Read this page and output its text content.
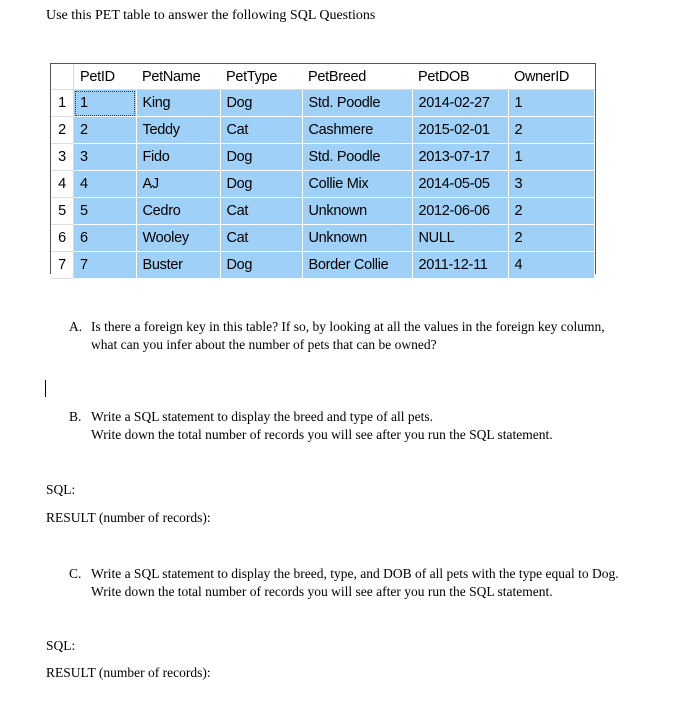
Use this PET table to answer the following SQL Questions
	PetID	PetName	PetType	PetBreed	PetDOB	OwnerID
1	1	King	Dog	Std. Poodle	2014-02-27	1
2	2	Teddy	Cat	Cashmere	2015-02-01	2
3	3	Fido	Dog	Std. Poodle	2013-07-17	1
4	4	AJ	Dog	Collie Mix	2014-05-05	3
5	5	Cedro	Cat	Unknown	2012-06-06	2
6	6	Wooley	Cat	Unknown	NULL	2
7	7	Buster	Dog	Border Collie	2011-12-11	4
A. Is there a foreign key in this table? If so, by looking at all the values in the foreign key column,
what can you infer about the number of pets that can be owned?
B. Write a SQL statement to display the breed and type of all pets.
Write down the total number of records you will see after you run the SQL statement.
SQL:
RESULT (number of records):
C. Write a SQL statement to display the breed, type, and DOB of all pets with the type equal to Dog.
Write down the total number of records you will see after you run the SQL statement.
SQL:
RESULT (number of records):
